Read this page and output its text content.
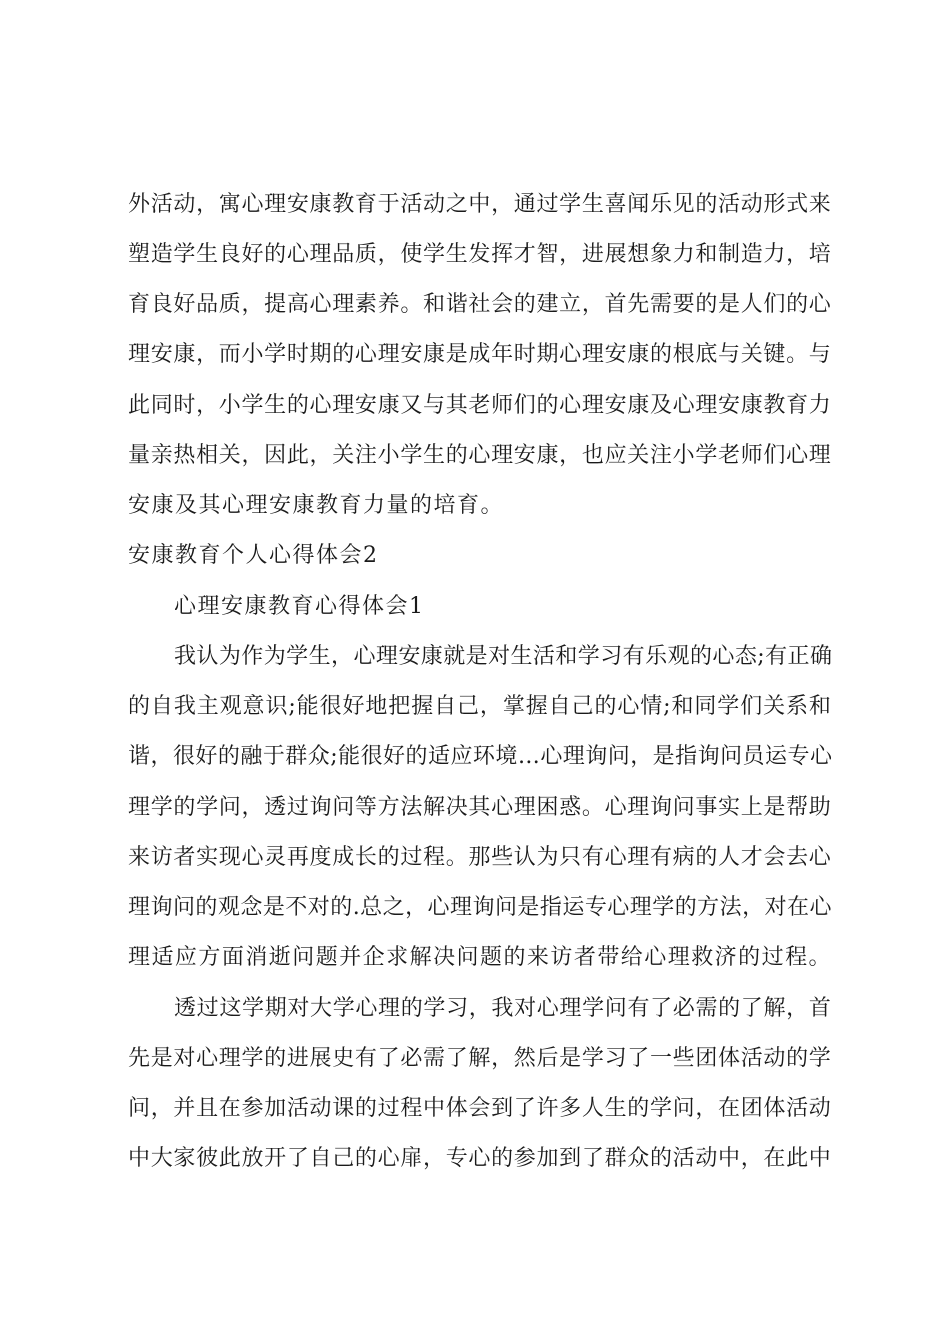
外活动，寓心理安康教育于活动之中，通过学生喜闻乐见的活动形式来
塑造学生良好的心理品质，使学生发挥才智，进展想象力和制造力，培
育良好品质，提高心理素养。和谐社会的建立，首先需要的是人们的心
理安康，而小学时期的心理安康是成年时期心理安康的根底与关键。与
此同时，小学生的心理安康又与其老师们的心理安康及心理安康教育力
量亲热相关，因此，关注小学生的心理安康，也应关注小学老师们心理
安康及其心理安康教育力量的培育。
安康教育个人心得体会2
心理安康教育心得体会1
我认为作为学生，心理安康就是对生活和学习有乐观的心态;有正确
的自我主观意识;能很好地把握自己，掌握自己的心情;和同学们关系和
谐，很好的融于群众;能很好的适应环境…心理询问，是指询问员运专心
理学的学问，透过询问等方法解决其心理困惑。心理询问事实上是帮助
来访者实现心灵再度成长的过程。那些认为只有心理有病的人才会去心
理询问的观念是不对的.总之，心理询问是指运专心理学的方法，对在心
理适应方面消逝问题并企求解决问题的来访者带给心理救济的过程。
透过这学期对大学心理的学习，我对心理学问有了必需的了解，首
先是对心理学的进展史有了必需了解，然后是学习了一些团体活动的学
问，并且在参加活动课的过程中体会到了许多人生的学问，在团体活动
中大家彼此放开了自己的心扉，专心的参加到了群众的活动中，在此中
